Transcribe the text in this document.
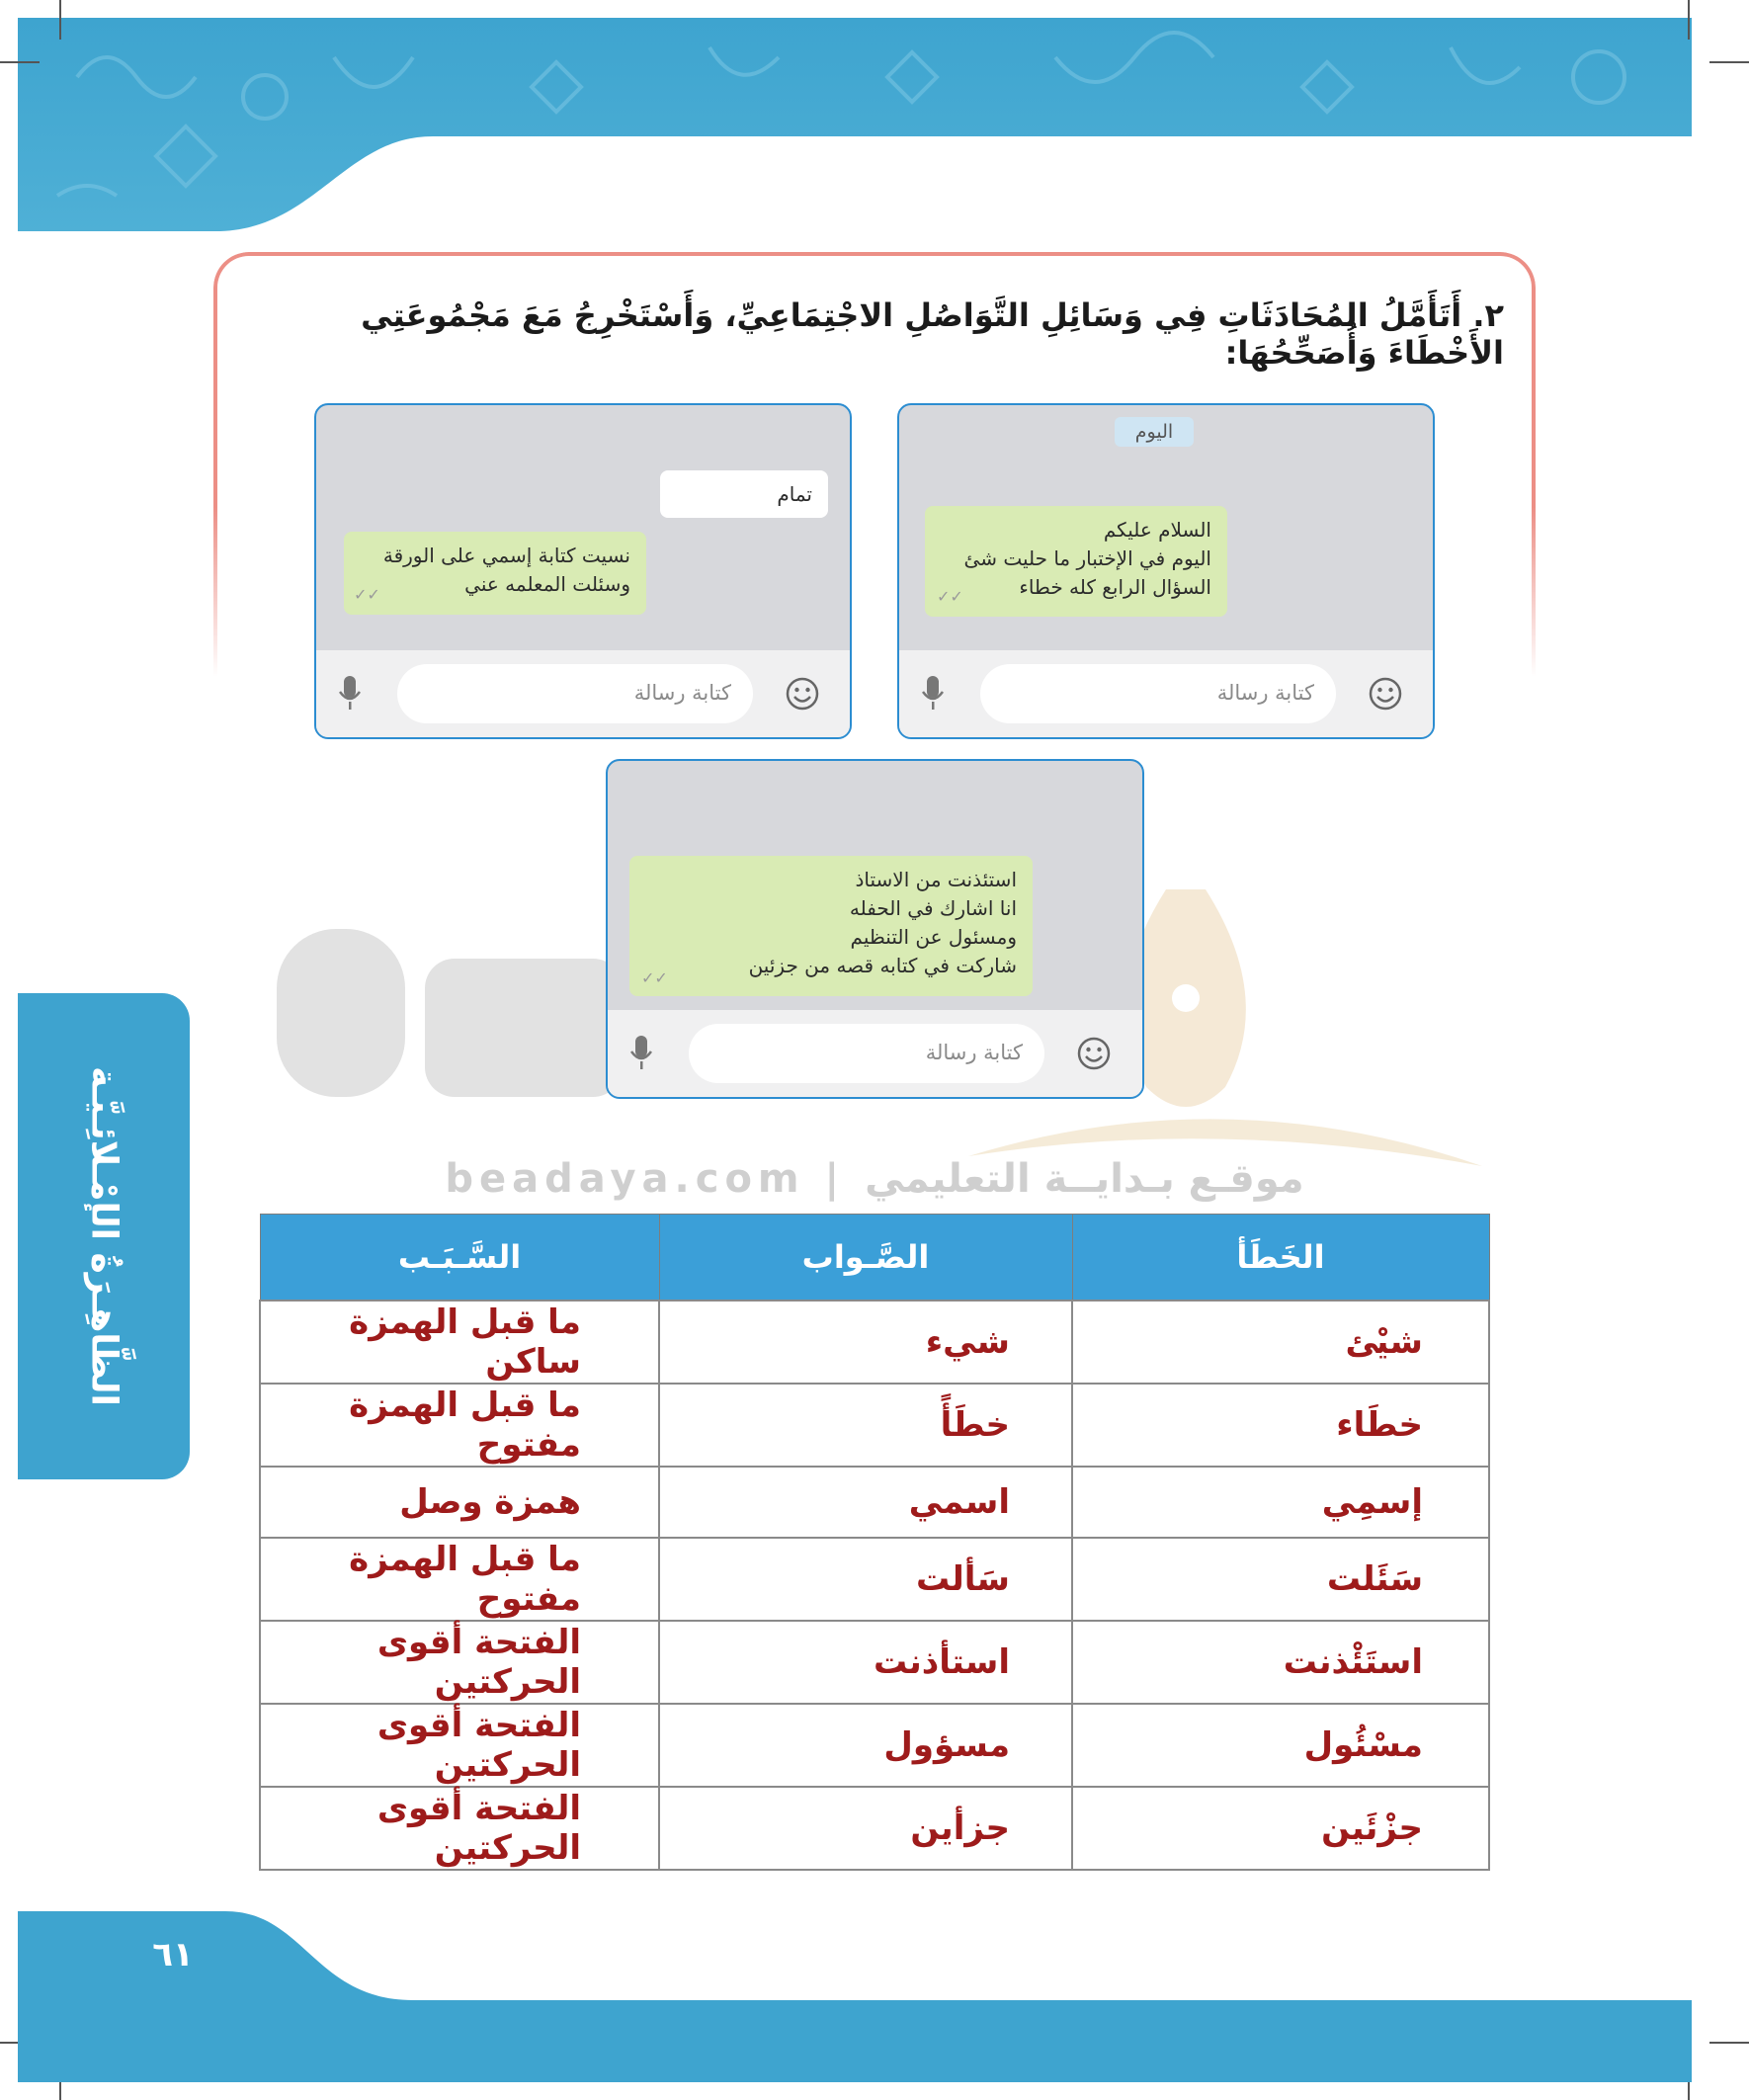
٢. أَتَأَمَّلُ المُحَادَثَاتِ فِي وَسَائِلِ التَّوَاصُلِ الاجْتِمَاعِيِّ، وَأَسْتَخْرِجُ مَعَ مَجْمُوعَتِي الأَخْطَاءَ وَأُصَحِّحُهَا:
اليوم
السلام عليكم
اليوم في الإختبار ما حليت شئ
السؤال الرابع كله خطاء
✓✓
كتابة رسالة
تمام
نسيت كتابة إسمي على الورقة
وسئلت المعلمه عني
✓✓
كتابة رسالة
beadaya.com | موقـع بـدايــة التعليمي
استئذنت من الاستاذ
انا اشارك في الحفله
ومسئول عن التنظيم
شاركت في كتابه قصه من جزئين
✓✓
كتابة رسالة
الظَّاهِـرَةُ الإمْـلائِـيَّـة	الخَطَأ	الصَّـواب	السَّـبَـب
شيْئ	شيء	ما قبل الهمزة ساكن
خطَاء	خطَأً	ما قبل الهمزة مفتوح
إسمِي	اسمي	همزة وصل
سَئَلت	سَألت	ما قبل الهمزة مفتوح
استَئْذنت	استأذنت	الفتحة أقوى الحركتين
مسْئُول	مسؤول	الفتحة أقوى الحركتين
جزْئَين	جزأين	الفتحة أقوى الحركتين
٦١
